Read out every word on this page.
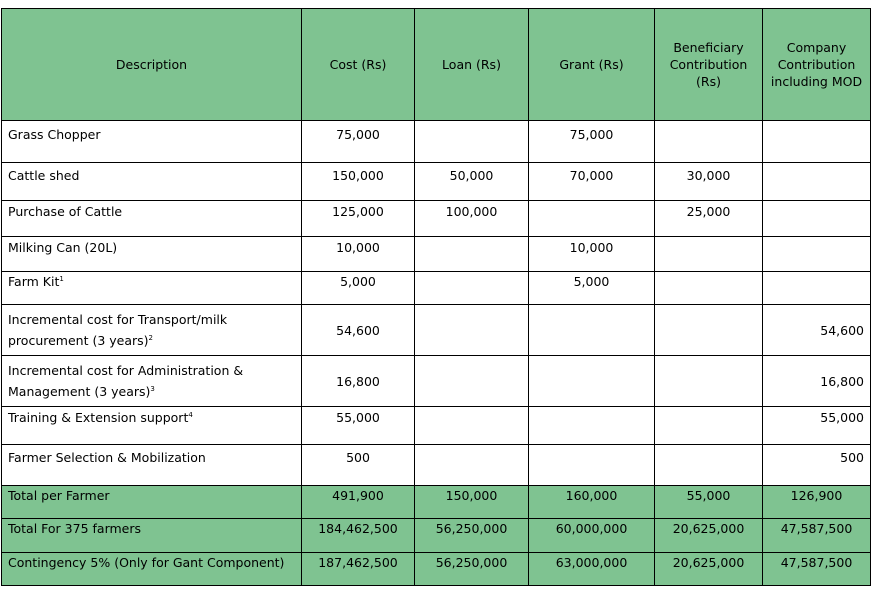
Description	Cost (Rs)	Loan (Rs)	Grant (Rs)	Beneficiary Contribution (Rs)	Company Contribution including MOD
Grass Chopper	75,000		75,000		
Cattle shed	150,000	50,000	70,000	30,000	
Purchase of Cattle	125,000	100,000		25,000	
Milking Can (20L)	10,000		10,000		
Farm Kit$^1$	5,000		5,000		
Incremental cost for Transport/milk procurement (3 years)$^2$	54,600				54,600
Incremental cost for Administration & Management (3 years)$^3$	16,800				16,800
Training & Extension support$^4$	55,000				55,000
Farmer Selection & Mobilization	500				500
Total per Farmer	491,900	150,000	160,000	55,000	126,900
Total For 375 farmers	184,462,500	56,250,000	60,000,000	20,625,000	47,587,500
Contingency 5% (Only for Gant Component)	187,462,500	56,250,000	63,000,000	20,625,000	47,587,500
